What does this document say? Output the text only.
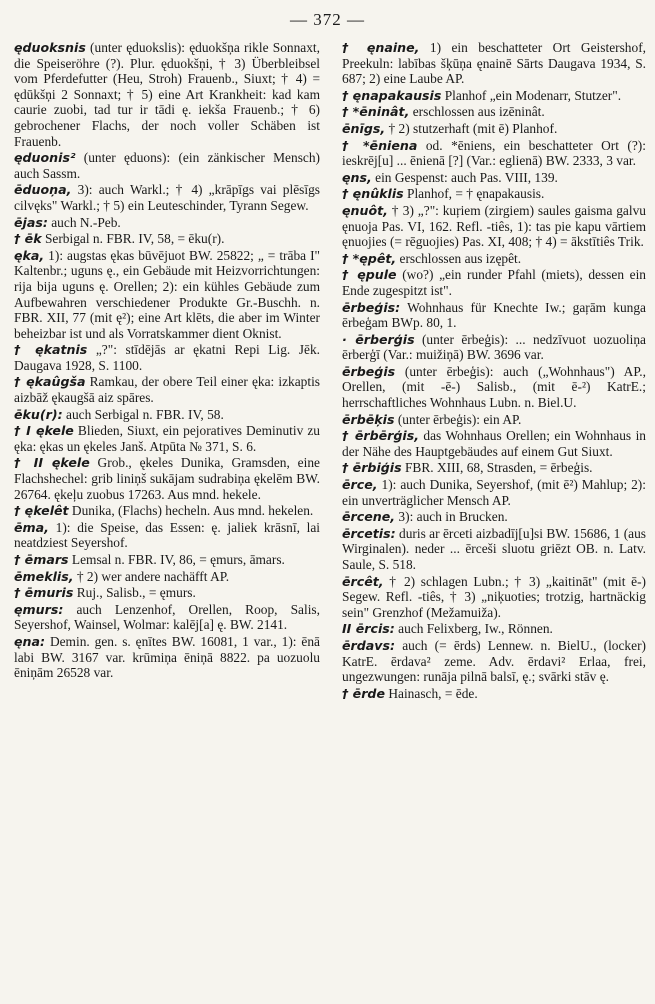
— 372 —
ęduoksnis (unter ęduokslis): ęduokšņa rikle Sonnaxt, die Speiseröhre (?). Plur. ęduokšņi, † 3) Überbleibsel vom Pferdefutter (Heu, Stroh) Frauenb., Siuxt; † 4) = ędūkšņi 2 Sonnaxt; † 5) eine Art Krankheit: kad kam caurie zuobi, tad tur ir tādi ę. iekša Frauenb.; † 6) gebrochener Flachs, der noch voller Schäben ist Frauenb.
ęduonis² (unter ęduons): (ein zänkischer Mensch) auch Sassm.
ēduoņa, 3): auch Warkl.; † 4) „krāpīgs vai plēsīgs cilvęks" Warkl.; † 5) ein Leuteschinder, Tyrann Segew.
ējas: auch N.-Peb.
† ēk Serbigal n. FBR. IV, 58, = ēku(r).
ęka, 1): augstas ękas būvējuot BW. 25822; „ = trāba I" Kaltenbr.; uguns ę., ein Gebäude mit Heizvorrichtungen: rija bija uguns ę. Orellen; 2): ein kühles Gebäude zum Aufbewahren verschiedener Produkte Gr.-Buschh. n. FBR. XII, 77 (mit ę²); eine Art klēts, die aber im Winter beheizbar ist und als Vorratskammer dient Oknist.
† ękatnis „?": stīdējās ar ękatni Repi Lig. Jēk. Daugava 1928, S. 1100.
† ękaûgša Ramkau, der obere Teil einer ęka: izkaptis aizbāž ękaugšā aiz spāres.
ēku(r): auch Serbigal n. FBR. IV, 58.
† I ękele Blieden, Siuxt, ein pejoratives Deminutiv zu ęka: ękas un ękeles Janš. Atpūta № 371, S. 6.
† II ękele Grob., ękeles Dunika, Gramsden, eine Flachshechel: grib liniņš sukājam sudrabiņa ękelēm BW. 26764. ękeļu zuobus 17263. Aus mnd. hekele.
† ękelêt Dunika, (Flachs) hecheln. Aus mnd. hekelen.
ēma, 1): die Speise, das Essen: ę. jaliek krāsnī, lai neatdziest Seyershof.
† ēmars Lemsal n. FBR. IV, 86, = ęmurs, āmars.
ēmeklis, † 2) wer andere nachäfft AP.
† ēmuris Ruj., Salisb., = ęmurs.
ęmurs: auch Lenzenhof, Orellen, Roop, Salis, Seyershof, Wainsel, Wolmar: kalēj[a] ę. BW. 2141.
ęna: Demin. gen. s. ęnītes BW. 16081, 1 var., 1): ēnā labi BW. 3167 var. krūmiņa ēniņā 8822. pa uozuolu ēniņām 26528 var.
† ęnaine, 1) ein beschatteter Ort Geistershof, Preekuln: labības šķūņa ęnainē Sārts Daugava 1934, S. 687; 2) eine Laube AP.
† ęnapakausis Planhof „ein Modenarr, Stutzer".
† *ēninât, erschlossen aus izēninât.
ēnīgs, † 2) stutzerhaft (mit ē) Planhof.
† *ēniena od. *ēniens, ein beschatteter Ort (?): ieskrēj[u] ... ēnienā [?] (Var.: eglienā) BW. 2333, 3 var.
ęns, ein Gespenst: auch Pas. VIII, 139.
† ęnûklis Planhof, = † ęnapakausis.
ęnuôt, † 3) „?": kuŗiem (zirgiem) saules gaisma galvu ęnuoja Pas. VI, 162. Refl. -tiês, 1): tas pie kapu vārtiem ęnuojies (= rēguojies) Pas. XI, 408; † 4) = ākstītiês Trik.
† *ępêt, erschlossen aus izępêt.
† ępule (wo?) „ein runder Pfahl (miets), dessen ein Ende zugespitzt ist".
ērbeģis: Wohnhaus für Knechte Iw.; gaŗām kunga ērbeģam BWp. 80, 1.
· ērberģis (unter ērbeģis): ... nedzīvuot uozuoliņa ērberģī (Var.: muižiņā) BW. 3696 var.
ērbeģis (unter ērbeģis): auch („Wohnhaus") AP., Orellen, (mit -ē-) Salisb., (mit ē-²) KatrE.; herrschaftliches Wohnhaus Lubn. n. Biel.U.
ērbēķis (unter ērbeģis): ein AP.
† ērbērģis, das Wohnhaus Orellen; ein Wohnhaus in der Nähe des Hauptgebäudes auf einem Gut Siuxt.
† ērbiģis FBR. XIII, 68, Strasden, = ērbeģis.
ērce, 1): auch Dunika, Seyershof, (mit ē²) Mahlup; 2): ein unverträglicher Mensch AP.
ērcene, 3): auch in Brucken.
ērcetis: duris ar ērceti aizbadīj[u]si BW. 15686, 1 (aus Wirginalen). neder ... ērceši sluotu griēzt OB. n. Latv. Saule, S. 518.
ērcêt, † 2) schlagen Lubn.; † 3) „kaitināt" (mit ē-) Segew. Refl. -tiês, † 3) „niķuoties; trotzig, hartnäckig sein" Grenzhof (Mežamuiža).
II ērcis: auch Felixberg, Iw., Rönnen.
ērdavs: auch (= ērds) Lennew. n. BielU., (locker) KatrE. ērdava² zeme. Adv. ērdavi² Erlaa, frei, ungezwungen: runāja pilnā balsī, ę.; svārki stāv ę.
† ērde Hainasch, = ēde.
